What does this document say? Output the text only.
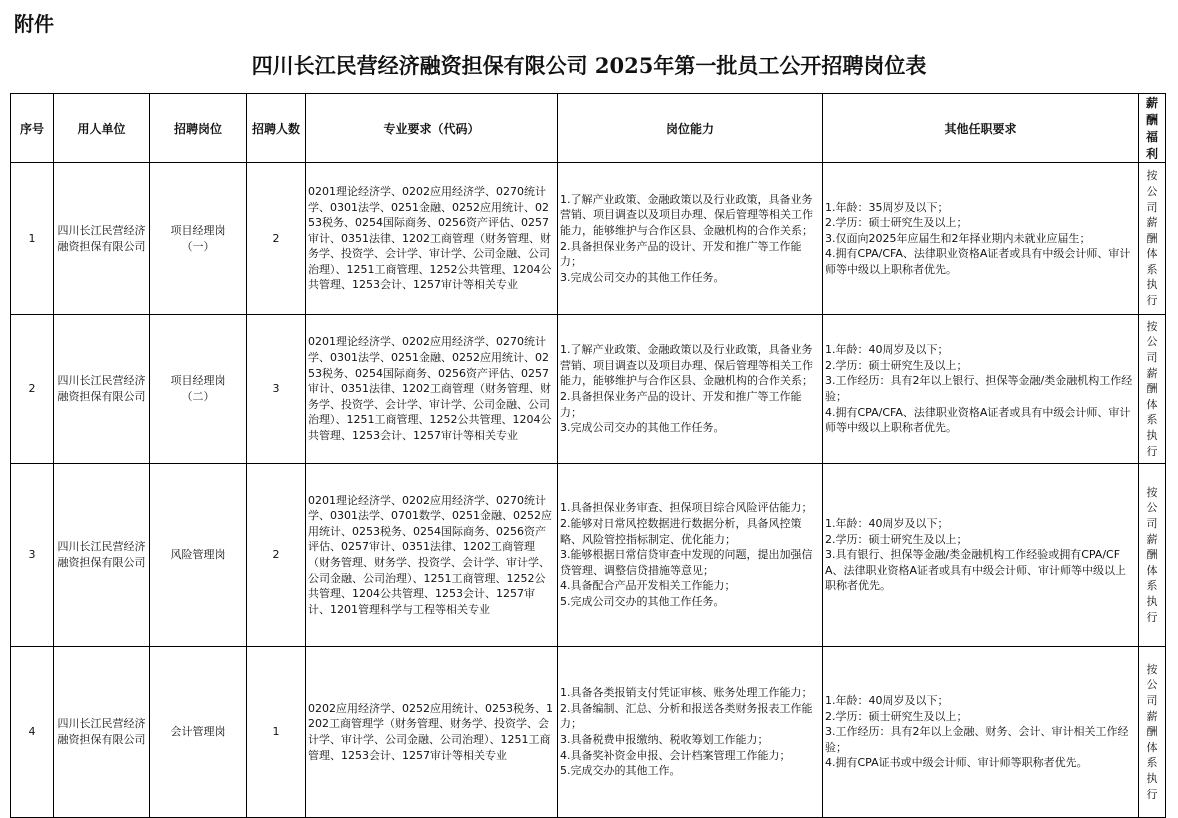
附件
四川长江民营经济融资担保有限公司 2025年第一批员工公开招聘岗位表
序号	用人单位	招聘岗位	招聘人数	专业要求（代码）	岗位能力	其他任职要求	薪酬福利
1	四川长江民营经济融资担保有限公司	项目经理岗（一）	2	0201理论经济学、0202应用经济学、0270统计学、0301法学、0251金融、0252应用统计、0253税务、0254国际商务、0256资产评估、0257审计、0351法律、1202工商管理（财务管理、财务学、投资学、会计学、审计学、公司金融、公司治理）、1251工商管理、1252公共管理、1204公共管理、1253会计、1257审计等相关专业	1.了解产业政策、金融政策以及行业政策，具备业务营销、项目调查以及项目办理、保后管理等相关工作能力，能够维护与合作区县、金融机构的合作关系；
2.具备担保业务产品的设计、开发和推广等工作能力；
3.完成公司交办的其他工作任务。	1.年龄：35周岁及以下；
2.学历：硕士研究生及以上；
3.仅面向2025年应届生和2年择业期内未就业应届生；
4.拥有CPA/CFA、法律职业资格A证者或具有中级会计师、审计师等中级以上职称者优先。	按公司薪酬体系执行
2	四川长江民营经济融资担保有限公司	项目经理岗（二）	3	0201理论经济学、0202应用经济学、0270统计学、0301法学、0251金融、0252应用统计、0253税务、0254国际商务、0256资产评估、0257审计、0351法律、1202工商管理（财务管理、财务学、投资学、会计学、审计学、公司金融、公司治理）、1251工商管理、1252公共管理、1204公共管理、1253会计、1257审计等相关专业	1.了解产业政策、金融政策以及行业政策，具备业务营销、项目调查以及项目办理、保后管理等相关工作能力，能够维护与合作区县、金融机构的合作关系；
2.具备担保业务产品的设计、开发和推广等工作能力；
3.完成公司交办的其他工作任务。	1.年龄：40周岁及以下；
2.学历：硕士研究生及以上；
3.工作经历：具有2年以上银行、担保等金融/类金融机构工作经验；
4.拥有CPA/CFA、法律职业资格A证者或具有中级会计师、审计师等中级以上职称者优先。	按公司薪酬体系执行
3	四川长江民营经济融资担保有限公司	风险管理岗	2	0201理论经济学、0202应用经济学、0270统计学、0301法学、0701数学、0251金融、0252应用统计、0253税务、0254国际商务、0256资产评估、0257审计、0351法律、1202工商管理（财务管理、财务学、投资学、会计学、审计学、公司金融、公司治理）、1251工商管理、1252公共管理、1204公共管理、1253会计、1257审计、1201管理科学与工程等相关专业	1.具备担保业务审查、担保项目综合风险评估能力；
2.能够对日常风控数据进行数据分析，具备风控策略、风险管控指标制定、优化能力；
3.能够根据日常信贷审查中发现的问题，提出加强信贷管理、调整信贷措施等意见；
4.具备配合产品开发相关工作能力；
5.完成公司交办的其他工作任务。	1.年龄：40周岁及以下；
2.学历：硕士研究生及以上；
3.具有银行、担保等金融/类金融机构工作经验或拥有CPA/CFA、法律职业资格A证者或具有中级会计师、审计师等中级以上职称者优先。	按公司薪酬体系执行
4	四川长江民营经济融资担保有限公司	会计管理岗	1	0202应用经济学、0252应用统计、0253税务、1202工商管理学（财务管理、财务学、投资学、会计学、审计学、公司金融、公司治理）、1251工商管理、1253会计、1257审计等相关专业	1.具备各类报销支付凭证审核、账务处理工作能力；
2.具备编制、汇总、分析和报送各类财务报表工作能力；
3.具备税费申报缴纳、税收筹划工作能力；
4.具备奖补资金申报、会计档案管理工作能力；
5.完成交办的其他工作。	1.年龄：40周岁及以下；
2.学历：硕士研究生及以上；
3.工作经历：具有2年以上金融、财务、会计、审计相关工作经验；
4.拥有CPA证书或中级会计师、审计师等职称者优先。	按公司薪酬体系执行
